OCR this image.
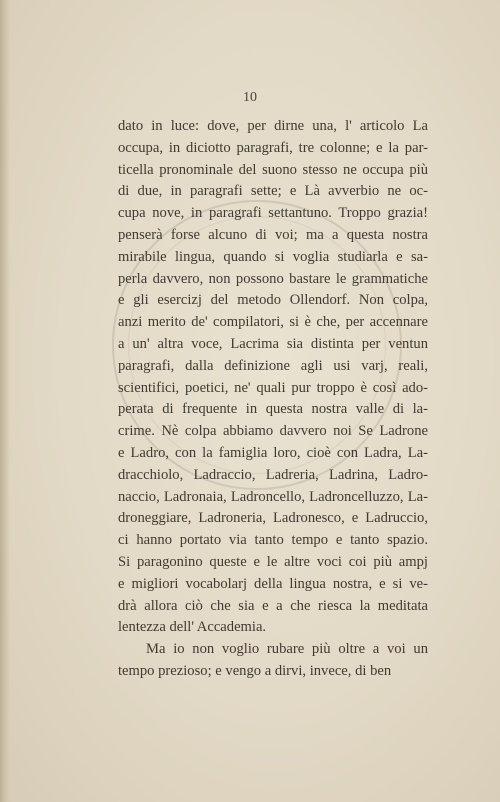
10
dato in luce: dove, per dirne una, l' articolo La
occupa, in diciotto paragrafi, tre colonne; e la par-
ticella pronominale del suono stesso ne occupa più
di due, in paragrafi sette; e Là avverbio ne oc-
cupa nove, in paragrafi settantuno. Troppo grazia!
penserà forse alcuno di voi; ma a questa nostra
mirabile lingua, quando si voglia studiarla e sa-
perla davvero, non possono bastare le grammatiche
e gli esercizj del metodo Ollendorf. Non colpa,
anzi merito de' compilatori, si è che, per accennare
a un' altra voce, Lacrima sia distinta per ventun
paragrafi, dalla definizione agli usi varj, reali,
scientifici, poetici, ne' quali pur troppo è così ado-
perata di frequente in questa nostra valle di la-
crime. Nè colpa abbiamo davvero noi Se Ladrone
e Ladro, con la famiglia loro, cioè con Ladra, La-
dracchiolo, Ladraccio, Ladreria, Ladrina, Ladro-
naccio, Ladronaia, Ladroncello, Ladroncelluzzo, La-
droneggiare, Ladroneria, Ladronesco, e Ladruccio,
ci hanno portato via tanto tempo e tanto spazio.
Si paragonino queste e le altre voci coi più ampj
e migliori vocabolarj della lingua nostra, e si ve-
drà allora ciò che sia e a che riesca la meditata
lentezza dell' Accademia.
Ma io non voglio rubare più oltre a voi un
tempo prezioso; e vengo a dirvi, invece, di ben
